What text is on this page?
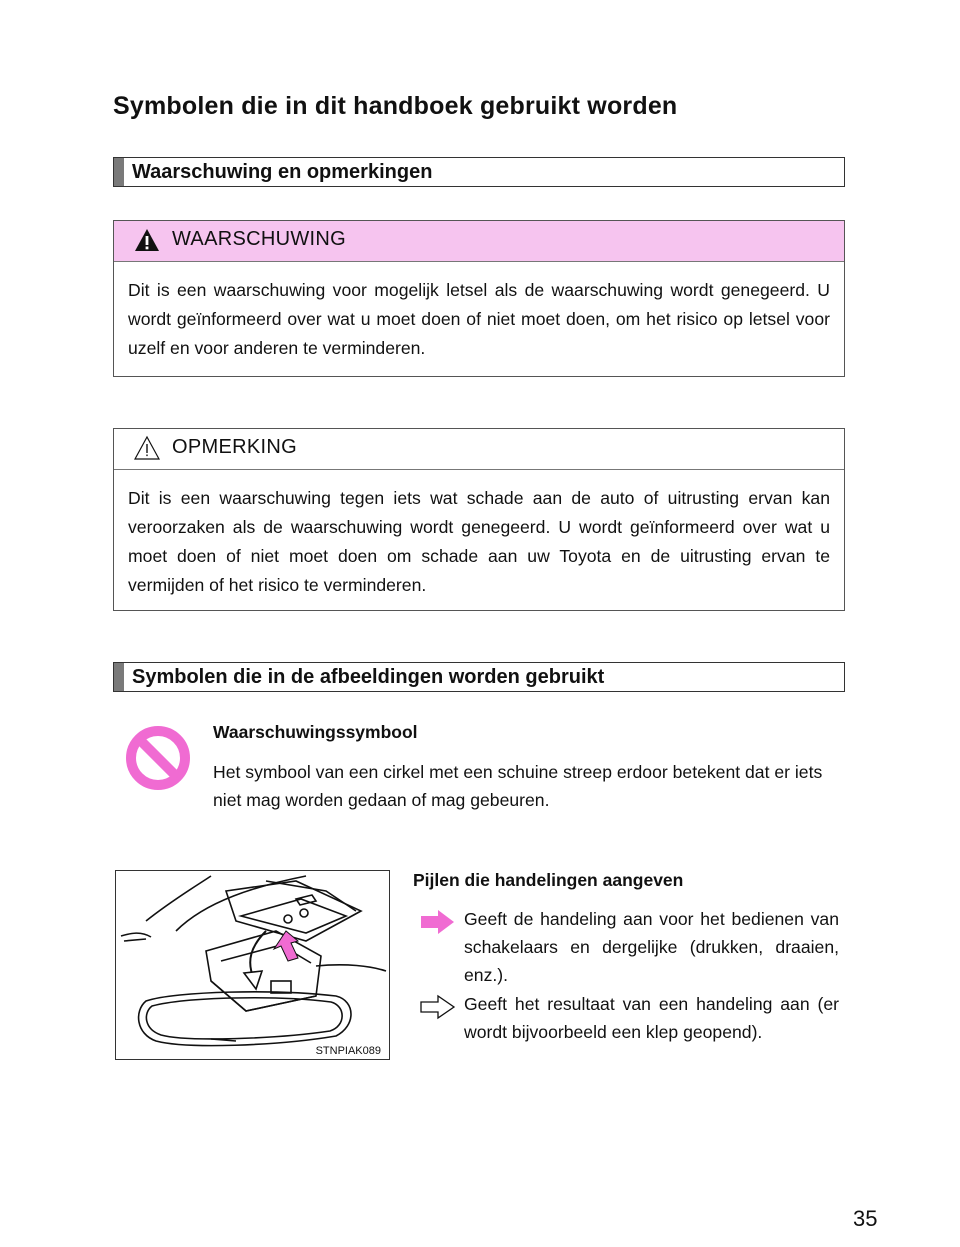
Symbolen die in dit handboek gebruikt worden
Waarschuwing en opmerkingen
WAARSCHUWING
Dit is een waarschuwing voor mogelijk letsel als de waarschuwing wordt genegeerd. U wordt geïnformeerd over wat u moet doen of niet moet doen, om het risico op letsel voor uzelf en voor anderen te verminderen.
OPMERKING
Dit is een waarschuwing tegen iets wat schade aan de auto of uitrusting ervan kan veroorzaken als de waarschuwing wordt genegeerd. U wordt geïnformeerd over wat u moet doen of niet moet doen om schade aan uw Toyota en de uitrusting ervan te vermijden of het risico te verminderen.
Symbolen die in de afbeeldingen worden gebruikt
Waarschuwingssymbool
Het symbool van een cirkel met een schuine streep erdoor betekent dat er iets niet mag worden gedaan of mag gebeuren.
STNPIAK089
Pijlen die handelingen aangeven
Geeft de handeling aan voor het bedienen van schakelaars en dergelijke (drukken, draaien, enz.).
Geeft het resultaat van een handeling aan (er wordt bijvoorbeeld een klep geopend).
35
